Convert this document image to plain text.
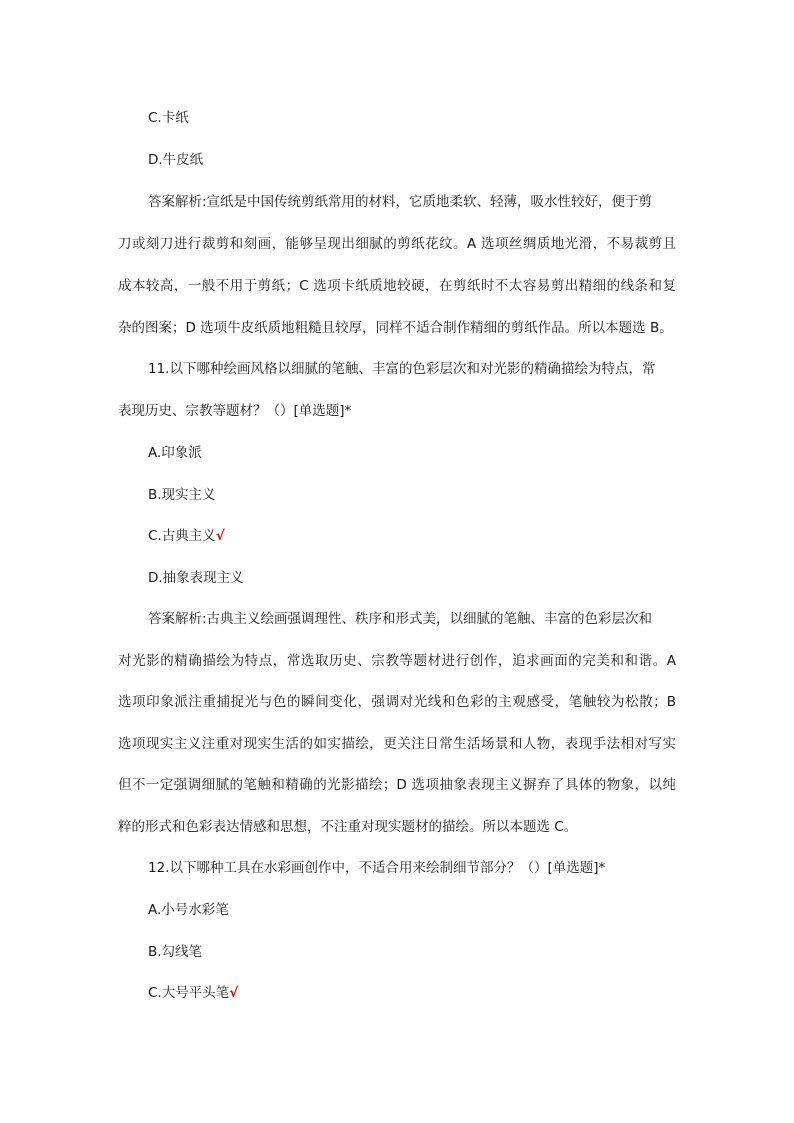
C.卡纸
D.牛皮纸
答案解析:宣纸是中国传统剪纸常用的材料，它质地柔软、轻薄，吸水性较好，便于剪
刀或刻刀进行裁剪和刻画，能够呈现出细腻的剪纸花纹。A 选项丝绸质地光滑，不易裁剪且
成本较高，一般不用于剪纸；C 选项卡纸质地较硬，在剪纸时不太容易剪出精细的线条和复
杂的图案；D 选项牛皮纸质地粗糙且较厚，同样不适合制作精细的剪纸作品。所以本题选 B。
11.以下哪种绘画风格以细腻的笔触、丰富的色彩层次和对光影的精确描绘为特点，常
表现历史、宗教等题材？（）[单选题]*
A.印象派
B.现实主义
C.古典主义√
D.抽象表现主义
答案解析:古典主义绘画强调理性、秩序和形式美，以细腻的笔触、丰富的色彩层次和
对光影的精确描绘为特点，常选取历史、宗教等题材进行创作，追求画面的完美和和谐。A
选项印象派注重捕捉光与色的瞬间变化，强调对光线和色彩的主观感受，笔触较为松散；B
选项现实主义注重对现实生活的如实描绘，更关注日常生活场景和人物，表现手法相对写实
但不一定强调细腻的笔触和精确的光影描绘；D 选项抽象表现主义摒弃了具体的物象，以纯
粹的形式和色彩表达情感和思想，不注重对现实题材的描绘。所以本题选 C。
12.以下哪种工具在水彩画创作中，不适合用来绘制细节部分？（）[单选题]*
A.小号水彩笔
B.勾线笔
C.大号平头笔√
